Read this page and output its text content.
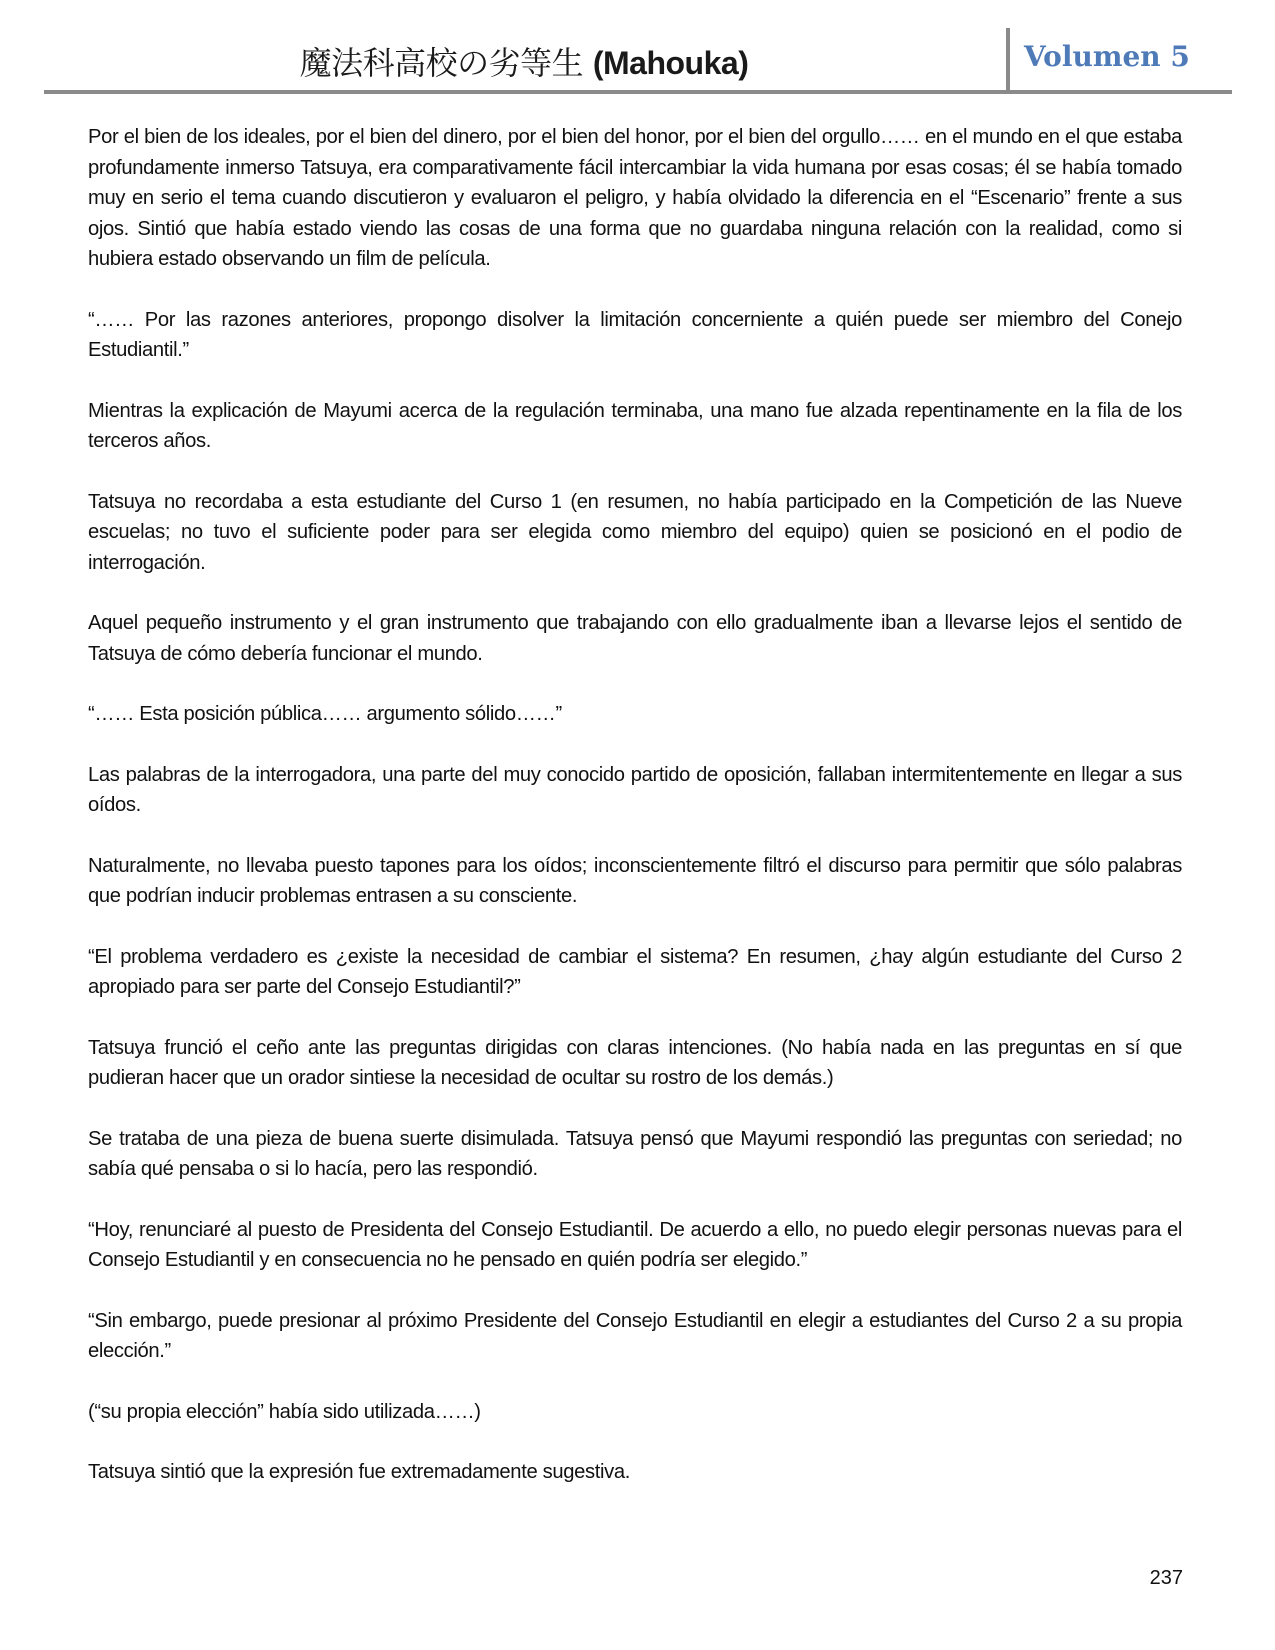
魔法科高校の劣等生 (Mahouka)	Volumen 5

Por el bien de los ideales, por el bien del dinero, por el bien del honor, por el bien del orgullo…… en el mundo en el que estaba profundamente inmerso Tatsuya, era comparativamente fácil intercambiar la vida humana por esas cosas; él se había tomado muy en serio el tema cuando discutieron y evaluaron el peligro, y había olvidado la diferencia en el “Escenario” frente a sus ojos. Sintió que había estado viendo las cosas de una forma que no guardaba ninguna relación con la realidad, como si hubiera estado observando un film de película.

“…… Por las razones anteriores, propongo disolver la limitación concerniente a quién puede ser miembro del Conejo Estudiantil.”

Mientras la explicación de Mayumi acerca de la regulación terminaba, una mano fue alzada repentinamente en la fila de los terceros años.

Tatsuya no recordaba a esta estudiante del Curso 1 (en resumen, no había participado en la Competición de las Nueve escuelas; no tuvo el suficiente poder para ser elegida como miembro del equipo) quien se posicionó en el podio de interrogación.

Aquel pequeño instrumento y el gran instrumento que trabajando con ello gradualmente iban a llevarse lejos el sentido de Tatsuya de cómo debería funcionar el mundo.

“…… Esta posición pública…… argumento sólido……”

Las palabras de la interrogadora, una parte del muy conocido partido de oposición, fallaban intermitentemente en llegar a sus oídos.

Naturalmente, no llevaba puesto tapones para los oídos; inconscientemente filtró el discurso para permitir que sólo palabras que podrían inducir problemas entrasen a su consciente.

“El problema verdadero es ¿existe la necesidad de cambiar el sistema? En resumen, ¿hay algún estudiante del Curso 2 apropiado para ser parte del Consejo Estudiantil?”

Tatsuya frunció el ceño ante las preguntas dirigidas con claras intenciones. (No había nada en las preguntas en sí que pudieran hacer que un orador sintiese la necesidad de ocultar su rostro de los demás.)

Se trataba de una pieza de buena suerte disimulada. Tatsuya pensó que Mayumi respondió las preguntas con seriedad; no sabía qué pensaba o si lo hacía, pero las respondió.

“Hoy, renunciaré al puesto de Presidenta del Consejo Estudiantil. De acuerdo a ello, no puedo elegir personas nuevas para el Consejo Estudiantil y en consecuencia no he pensado en quién podría ser elegido.”

“Sin embargo, puede presionar al próximo Presidente del Consejo Estudiantil en elegir a estudiantes del Curso 2 a su propia elección.”

(“su propia elección” había sido utilizada……)

Tatsuya sintió que la expresión fue extremadamente sugestiva.

237
